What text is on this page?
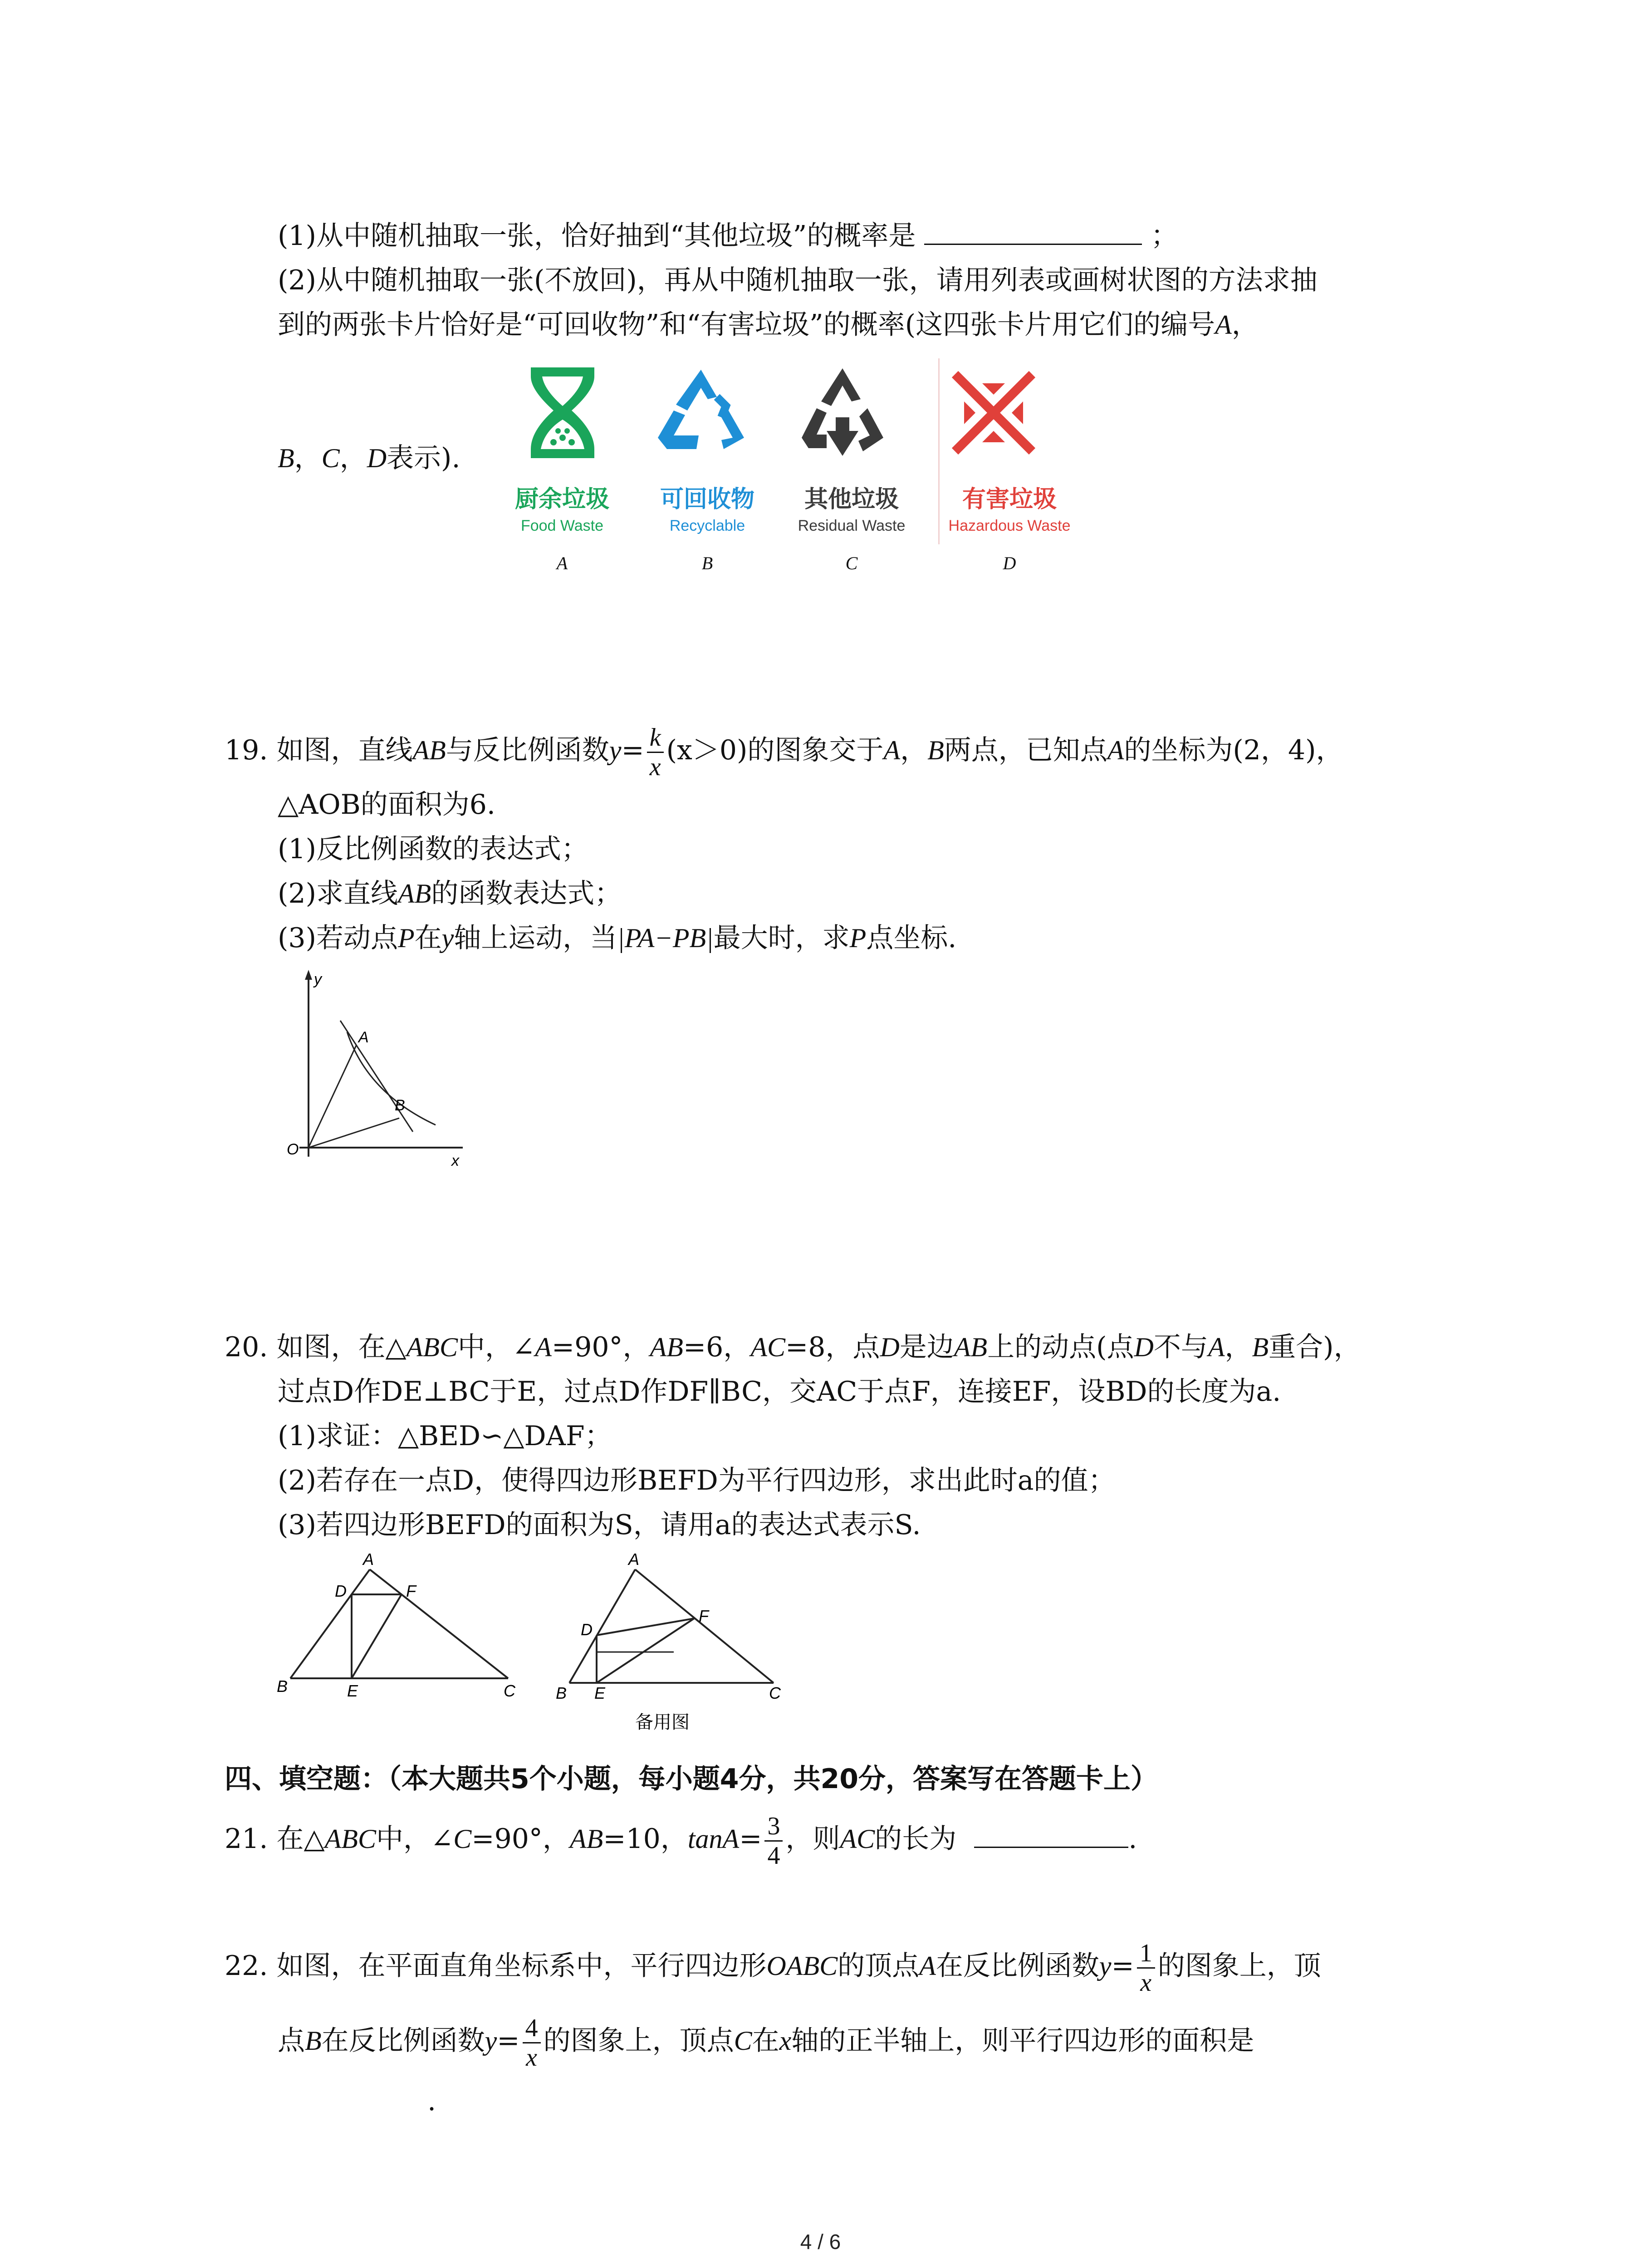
(1)从中随机抽取一张，恰好抽到“其他垃圾”的概率是	；
(2)从中随机抽取一张(不放回)，再从中随机抽取一张，请用列表或画树状图的方法求抽
到的两张卡片恰好是“可回收物”和“有害垃圾”的概率(这四张卡片用它们的编号A，
B，C，D表示).
厨余垃圾
Food Waste
A
可回收物
Recyclable
B
其他垃圾
Residual Waste
C
有害垃圾
Hazardous Waste
D
19. 如图，直线AB与反比例函数$y= \frac{k}{x} (x>0)$的图象交于A，B两点，已知点A的坐标为(2，4)，
△AOB的面积为6.
(1)反比例函数的表达式；
(2)求直线AB的函数表达式；
(3)若动点P在y轴上运动，当|PA−PB|最大时，求P点坐标.
y
x
O
A
B
20. 如图，在△ABC中，∠A=90°，AB=6，AC=8，点D是边AB上的动点(点D不与A，B重合)，
过点D作DE⊥BC于E，过点D作DF∥BC，交AC于点F，连接EF，设BD的长度为a.
(1)求证：△BED∽△DAF；
(2)若存在一点D，使得四边形BEFD为平行四边形，求出此时a的值；
(3)若四边形BEFD的面积为S，请用a的表达式表示S.
A
D	F
B	E	C
A
D
F
B E	C
备用图
四、填空题：（本大题共5个小题，每小题4分，共20分，答案写在答题卡上）
21. 在△ABC中，∠C=90°，AB=10，$\tan A= \frac{3}{4}$ ，则AC的长为	.
22. 如图，在平面直角坐标系中，平行四边形OABC的顶点A在反比例函数$y= \frac{1}{x}$ 的图象上，顶
点B在反比例函数$y= \frac{4}{x}$ 的图象上，顶点C在x轴的正半轴上，则平行四边形的面积是
.
4 / 6
